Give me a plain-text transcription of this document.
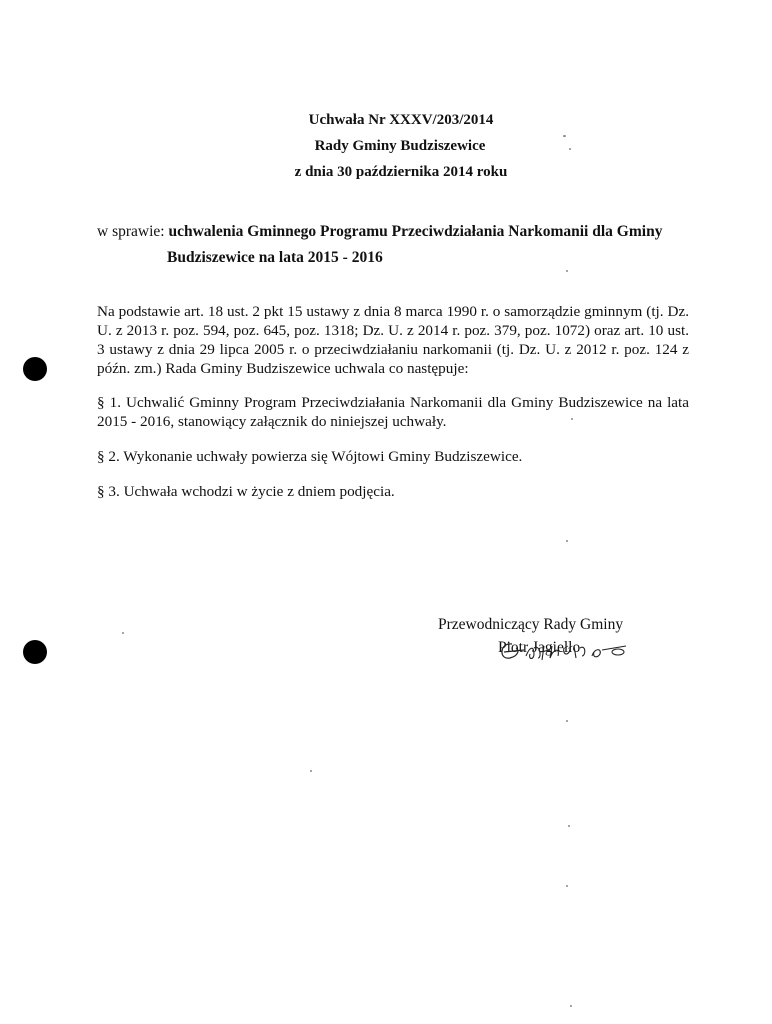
Uchwała Nr XXXV/203/2014
Rady Gminy Budziszewice
z dnia 30 października 2014 roku
w sprawie: uchwalenia Gminnego Programu Przeciwdziałania Narkomanii dla Gminy
Budziszewice na lata 2015 - 2016

Na podstawie art. 18 ust. 2 pkt 15 ustawy z dnia 8 marca 1990 r. o samorządzie gminnym (tj. Dz. U. z 2013 r. poz. 594, poz. 645, poz. 1318; Dz. U. z 2014 r. poz. 379, poz. 1072) oraz art. 10 ust. 3 ustawy z dnia 29 lipca 2005 r. o przeciwdziałaniu narkomanii (tj. Dz. U. z 2012 r. poz. 124 z późn. zm.) Rada Gminy Budziszewice uchwala co następuje:

§ 1. Uchwalić Gminny Program Przeciwdziałania Narkomanii dla Gminy Budziszewice na lata 2015 - 2016, stanowiący załącznik do niniejszej uchwały.

§ 2. Wykonanie uchwały powierza się Wójtowi Gminy Budziszewice.

§ 3. Uchwała wchodzi w życie z dniem podjęcia.

Przewodniczący Rady Gminy
Piotr Jagiełło
